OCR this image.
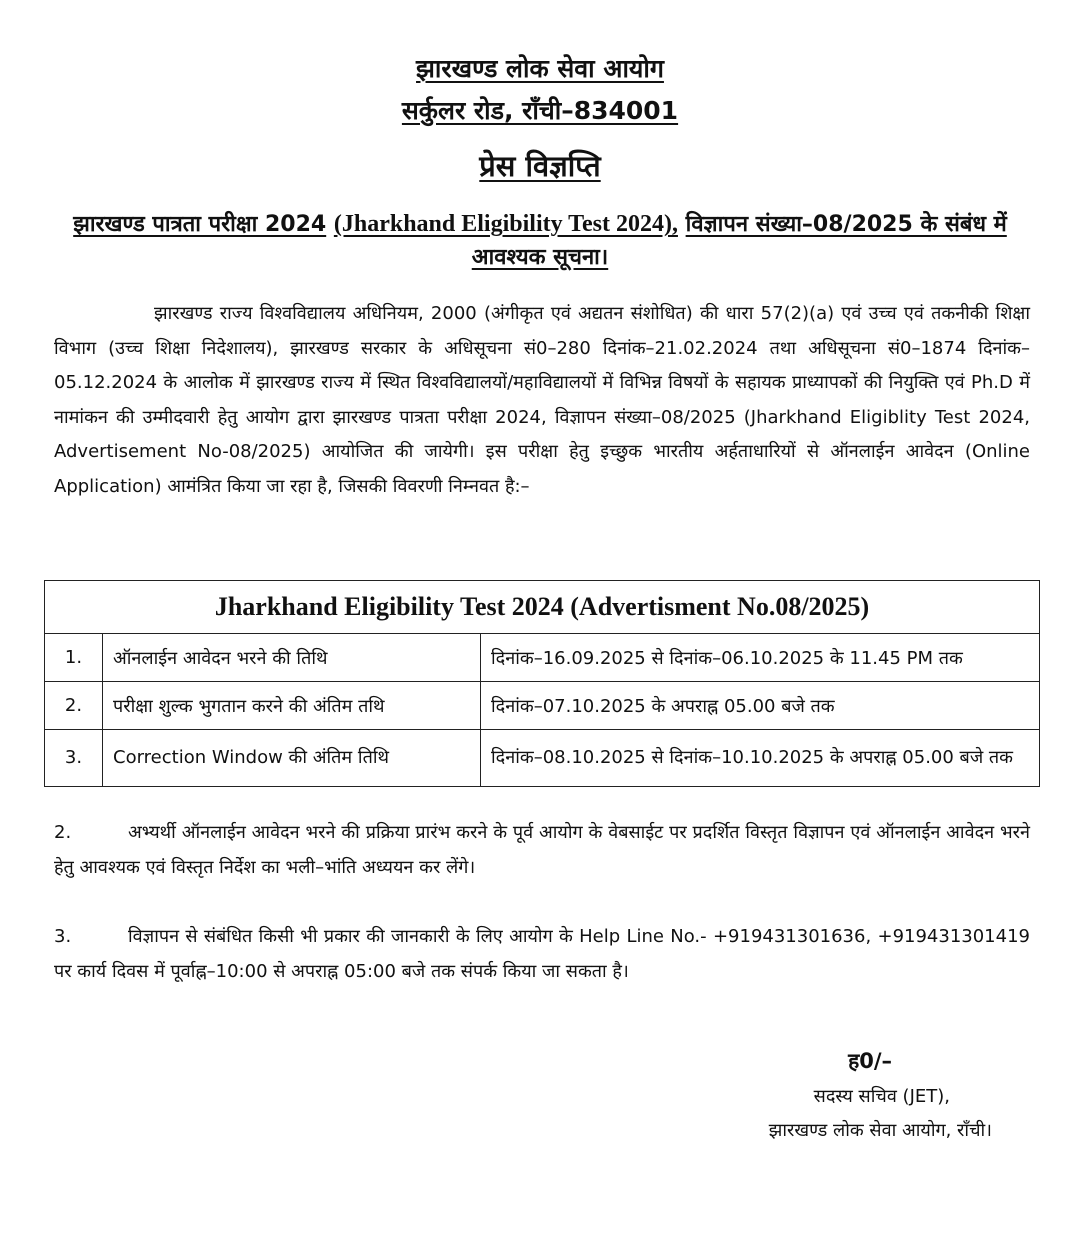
झारखण्ड लोक सेवा आयोग
सर्कुलर रोड, राँची–834001
प्रेस विज्ञप्ति
झारखण्ड पात्रता परीक्षा 2024 (Jharkhand Eligibility Test 2024), विज्ञापन संख्या–08/2025 के संबंध में आवश्यक सूचना।
झारखण्ड राज्य विश्वविद्यालय अधिनियम, 2000 (अंगीकृत एवं अद्यतन संशोधित) की धारा 57(2)(a) एवं उच्च एवं तकनीकी शिक्षा विभाग (उच्च शिक्षा निदेशालय), झारखण्ड सरकार के अधिसूचना सं0–280 दिनांक–21.02.2024 तथा अधिसूचना सं0–1874 दिनांक–05.12.2024 के आलोक में झारखण्ड राज्य में स्थित विश्वविद्यालयों/महाविद्यालयों में विभिन्न विषयों के सहायक प्राध्यापकों की नियुक्ति एवं Ph.D में नामांकन की उम्मीदवारी हेतु आयोग द्वारा झारखण्ड पात्रता परीक्षा 2024, विज्ञापन संख्या–08/2025 (Jharkhand Eligiblity Test 2024, Advertisement No-08/2025) आयोजित की जायेगी। इस परीक्षा हेतु इच्छुक भारतीय अर्हताधारियों से ऑनलाईन आवेदन (Online Application) आमंत्रित किया जा रहा है, जिसकी विवरणी निम्नवत है:–
Jharkhand Eligibility Test 2024 (Advertisment No.08/2025)		
1.	ऑनलाईन आवेदन भरने की तिथि	दिनांक–16.09.2025 से दिनांक–06.10.2025 के 11.45 PM तक
2.	परीक्षा शुल्क भुगतान करने की अंतिम तथि	दिनांक–07.10.2025 के अपराह्न 05.00 बजे तक
3.	Correction Window की अंतिम तिथि	दिनांक–08.10.2025 से दिनांक–10.10.2025 के अपराह्न 05.00 बजे तक
2.	अभ्यर्थी ऑनलाईन आवेदन भरने की प्रक्रिया प्रारंभ करने के पूर्व आयोग के वेबसाईट पर प्रदर्शित विस्तृत विज्ञापन एवं ऑनलाईन आवेदन भरने हेतु आवश्यक एवं विस्तृत निर्देश का भली–भांति अध्ययन कर लेंगे।
3.	विज्ञापन से संबंधित किसी भी प्रकार की जानकारी के लिए आयोग के Help Line No.- +919431301636, +919431301419 पर कार्य दिवस में पूर्वाह्न–10:00 से अपराह्न 05:00 बजे तक संपर्क किया जा सकता है।
ह0/–
सदस्य सचिव (JET),
झारखण्ड लोक सेवा आयोग, राँची।
